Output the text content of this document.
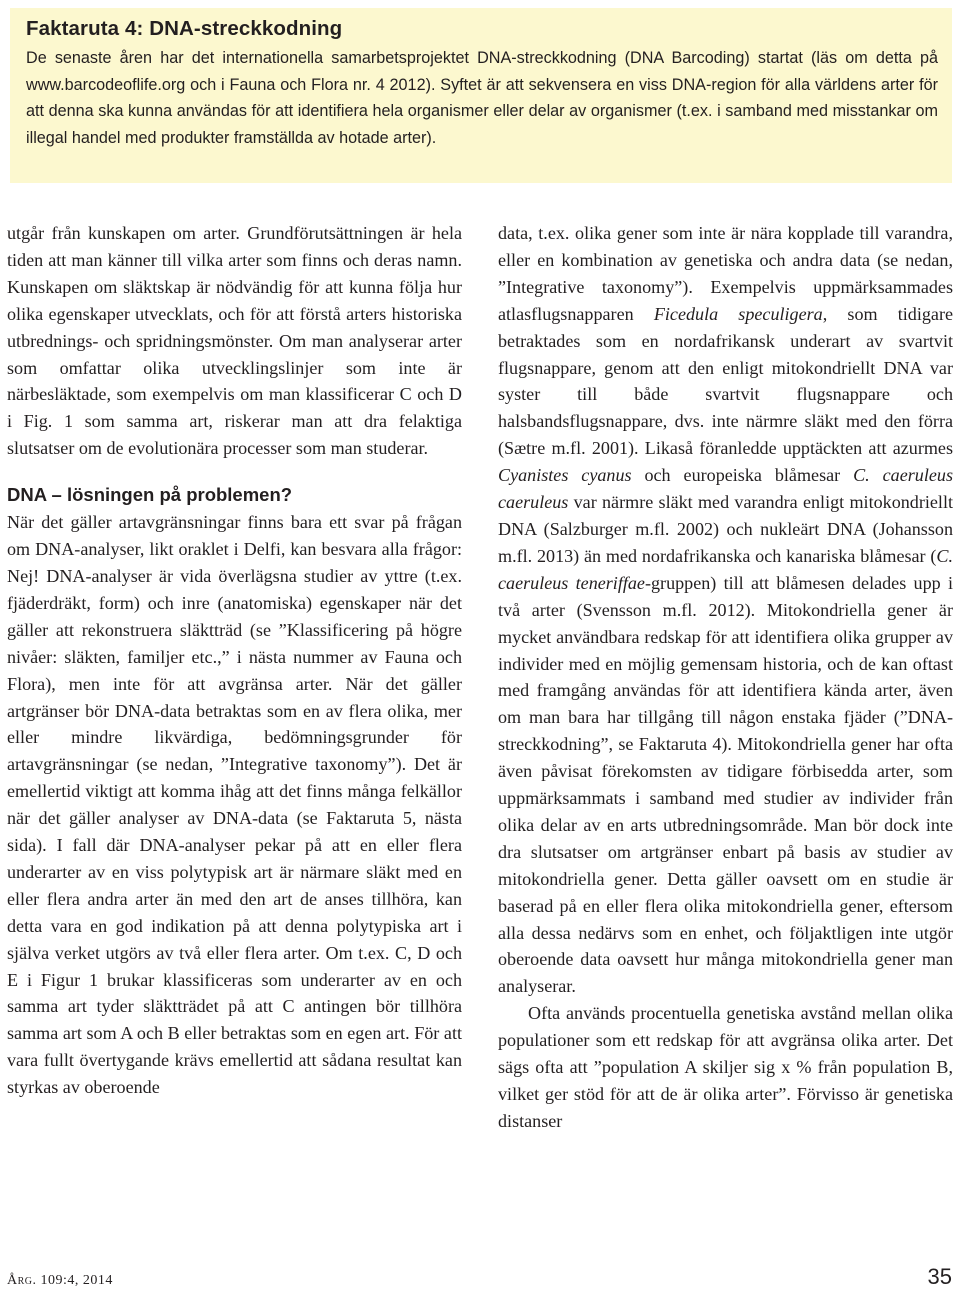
Faktaruta 4: DNA-streckkodning

De senaste åren har det internationella samarbetsprojektet DNA-streckkodning (DNA Barcoding) startat (läs om detta på www.barcodeoflife.org och i Fauna och Flora nr. 4 2012). Syftet är att sekvensera en viss DNA-region för alla världens arter för att denna ska kunna användas för att identifiera hela organismer eller delar av organismer (t.ex. i samband med misstankar om illegal handel med produkter framställda av hotade arter).

utgår från kunskapen om arter. Grundförutsättningen är hela tiden att man känner till vilka arter som finns och deras namn. Kunskapen om släktskap är nödvändig för att kunna följa hur olika egenskaper utvecklats, och för att förstå arters historiska utbrednings- och spridningsmönster. Om man analyserar arter som omfattar olika utvecklingslinjer som inte är närbesläktade, som exempelvis om man klassificerar C och D i Fig. 1 som samma art, riskerar man att dra felaktiga slutsatser om de evolutionära processer som man studerar.

DNA – lösningen på problemen?

När det gäller artavgränsningar finns bara ett svar på frågan om DNA-analyser, likt oraklet i Delfi, kan besvara alla frågor: Nej! DNA-analyser är vida överlägsna studier av yttre (t.ex. fjäderdräkt, form) och inre (anatomiska) egenskaper när det gäller att rekonstruera släktträd (se ”Klassificering på högre nivåer: släkten, familjer etc.,” i nästa nummer av Fauna och Flora), men inte för att avgränsa arter. När det gäller artgränser bör DNA-data betraktas som en av flera olika, mer eller mindre likvärdiga, bedömningsgrunder för artavgränsningar (se nedan, ”Integrative taxonomy”). Det är emellertid viktigt att komma ihåg att det finns många felkällor när det gäller analyser av DNA-data (se Faktaruta 5, nästa sida). I fall där DNA-analyser pekar på att en eller flera underarter av en viss polytypisk art är närmare släkt med en eller flera andra arter än med den art de anses tillhöra, kan detta vara en god indikation på att denna polytypiska art i själva verket utgörs av två eller flera arter. Om t.ex. C, D och E i Figur 1 brukar klassificeras som underarter av en och samma art tyder släktträdet på att C antingen bör tillhöra samma art som A och B eller betraktas som en egen art. För att vara fullt övertygande krävs emellertid att sådana resultat kan styrkas av oberoende

data, t.ex. olika gener som inte är nära kopplade till varandra, eller en kombination av genetiska och andra data (se nedan, ”Integrative taxonomy”). Exempelvis uppmärksammades atlasflugsnapparen Ficedula speculigera, som tidigare betraktades som en nordafrikansk underart av svartvit flugsnappare, genom att den enligt mitokondriellt DNA var syster till både svartvit flugsnappare och halsbandsflugsnappare, dvs. inte närmre släkt med den förra (Sætre m.fl. 2001). Likaså föranledde upptäckten att azurmes Cyanistes cyanus och europeiska blåmesar C. caeruleus caeruleus var närmre släkt med varandra enligt mitokondriellt DNA (Salzburger m.fl. 2002) och nukleärt DNA (Johansson m.fl. 2013) än med nordafrikanska och kanariska blåmesar (C. caeruleus teneriffae-gruppen) till att blåmesen delades upp i två arter (Svensson m.fl. 2012). Mitokondriella gener är mycket användbara redskap för att identifiera olika grupper av individer med en möjlig gemensam historia, och de kan oftast med framgång användas för att identifiera kända arter, även om man bara har tillgång till någon enstaka fjäder (”DNA-streckkodning”, se Faktaruta 4). Mitokondriella gener har ofta även påvisat förekomsten av tidigare förbisedda arter, som uppmärksammats i samband med studier av individer från olika delar av en arts utbredningsområde. Man bör dock inte dra slutsatser om artgränser enbart på basis av studier av mitokondriella gener. Detta gäller oavsett om en studie är baserad på en eller flera olika mitokondriella gener, eftersom alla dessa nedärvs som en enhet, och följaktligen inte utgör oberoende data oavsett hur många mitokondriella gener man analyserar.

Ofta används procentuella genetiska avstånd mellan olika populationer som ett redskap för att avgränsa olika arter. Det sägs ofta att ”population A skiljer sig x % från population B, vilket ger stöd för att de är olika arter”. Förvisso är genetiska distanser

Årg. 109:4, 2014	35
